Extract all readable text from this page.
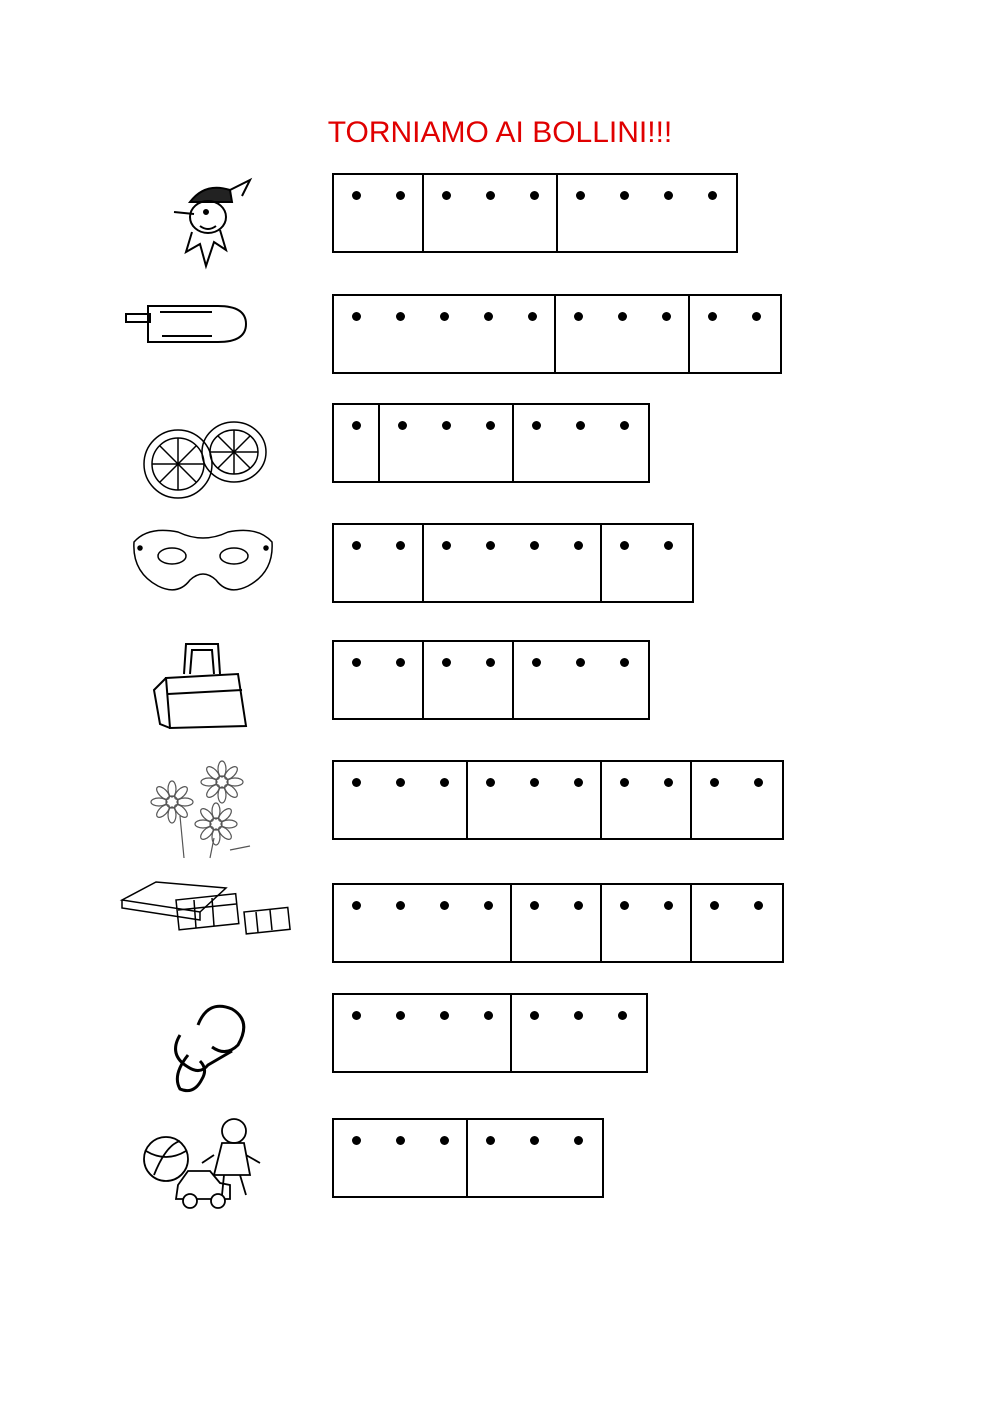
TORNIAMO AI BOLLINI!!!
